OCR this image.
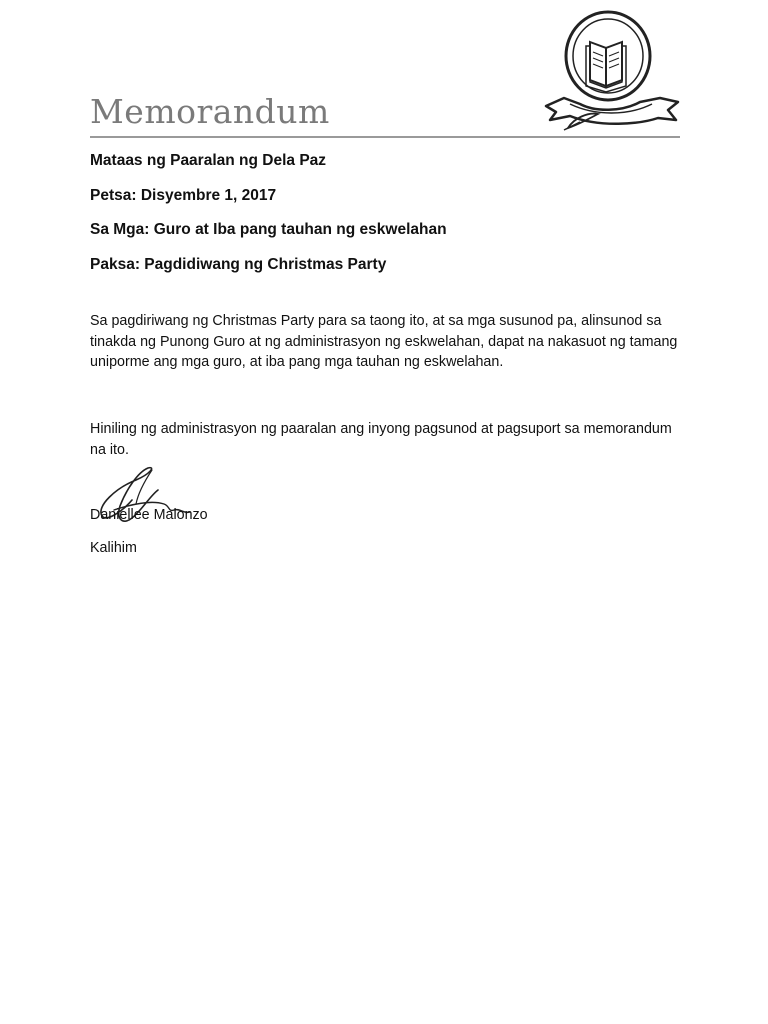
Memorandum
Mataas ng Paaralan ng Dela Paz
Petsa: Disyembre 1, 2017
Sa Mga: Guro at Iba pang tauhan ng eskwelahan
Paksa: Pagdidiwang ng Christmas Party
Sa pagdiriwang ng Christmas Party para sa taong ito, at sa mga susunod pa, alinsunod sa tinakda ng Punong Guro at ng administrasyon ng eskwelahan, dapat na nakasuot ng tamang uniporme ang mga guro, at iba pang mga tauhan ng eskwelahan.
Hiniling ng administrasyon ng paaralan ang inyong pagsunod at pagsuport sa memorandum na ito.
Daniellee Malonzo
Kalihim
